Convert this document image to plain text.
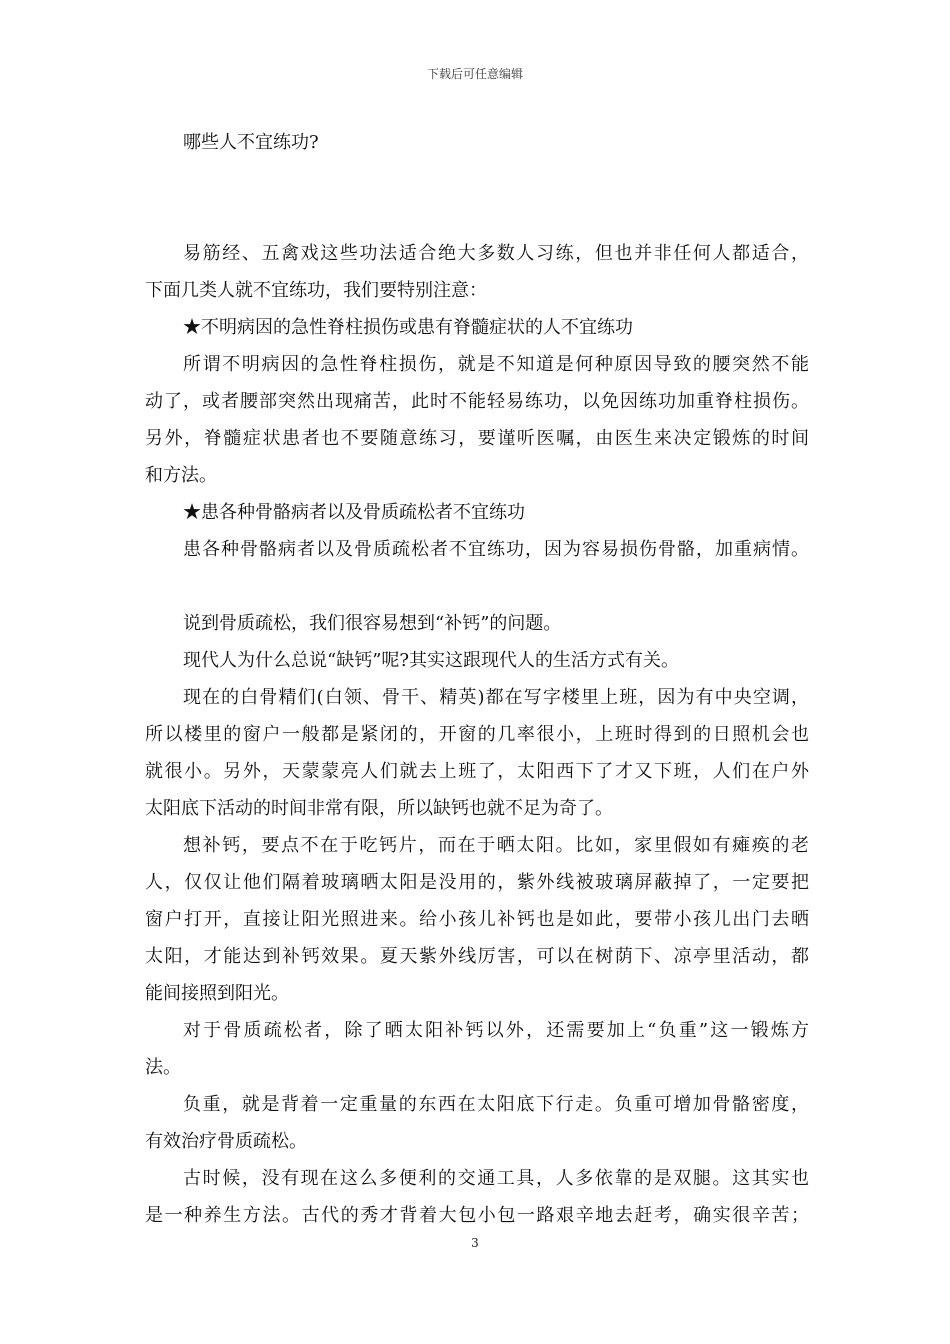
下载后可任意编辑
哪些人不宜练功?
易筋经、五禽戏这些功法适合绝大多数人习练，但也并非任何人都适合，
下面几类人就不宜练功，我们要特别注意：
★不明病因的急性脊柱损伤或患有脊髓症状的人不宜练功
所谓不明病因的急性脊柱损伤，就是不知道是何种原因导致的腰突然不能
动了，或者腰部突然出现痛苦，此时不能轻易练功，以免因练功加重脊柱损伤。
另外，脊髓症状患者也不要随意练习，要谨听医嘱，由医生来决定锻炼的时间
和方法。
★患各种骨骼病者以及骨质疏松者不宜练功
患各种骨骼病者以及骨质疏松者不宜练功，因为容易损伤骨骼，加重病情。
说到骨质疏松，我们很容易想到“补钙”的问题。
现代人为什么总说“缺钙”呢?其实这跟现代人的生活方式有关。
现在的白骨精们(白领、骨干、精英)都在写字楼里上班，因为有中央空调，
所以楼里的窗户一般都是紧闭的，开窗的几率很小，上班时得到的日照机会也
就很小。另外，天蒙蒙亮人们就去上班了，太阳西下了才又下班，人们在户外
太阳底下活动的时间非常有限，所以缺钙也就不足为奇了。
想补钙，要点不在于吃钙片，而在于晒太阳。比如，家里假如有瘫痪的老
人，仅仅让他们隔着玻璃晒太阳是没用的，紫外线被玻璃屏蔽掉了，一定要把
窗户打开，直接让阳光照进来。给小孩儿补钙也是如此，要带小孩儿出门去晒
太阳，才能达到补钙效果。夏天紫外线厉害，可以在树荫下、凉亭里活动，都
能间接照到阳光。
对于骨质疏松者，除了晒太阳补钙以外，还需要加上“负重”这一锻炼方
法。
负重，就是背着一定重量的东西在太阳底下行走。负重可增加骨骼密度，
有效治疗骨质疏松。
古时候，没有现在这么多便利的交通工具，人多依靠的是双腿。这其实也
是一种养生方法。古代的秀才背着大包小包一路艰辛地去赶考，确实很辛苦；
3
